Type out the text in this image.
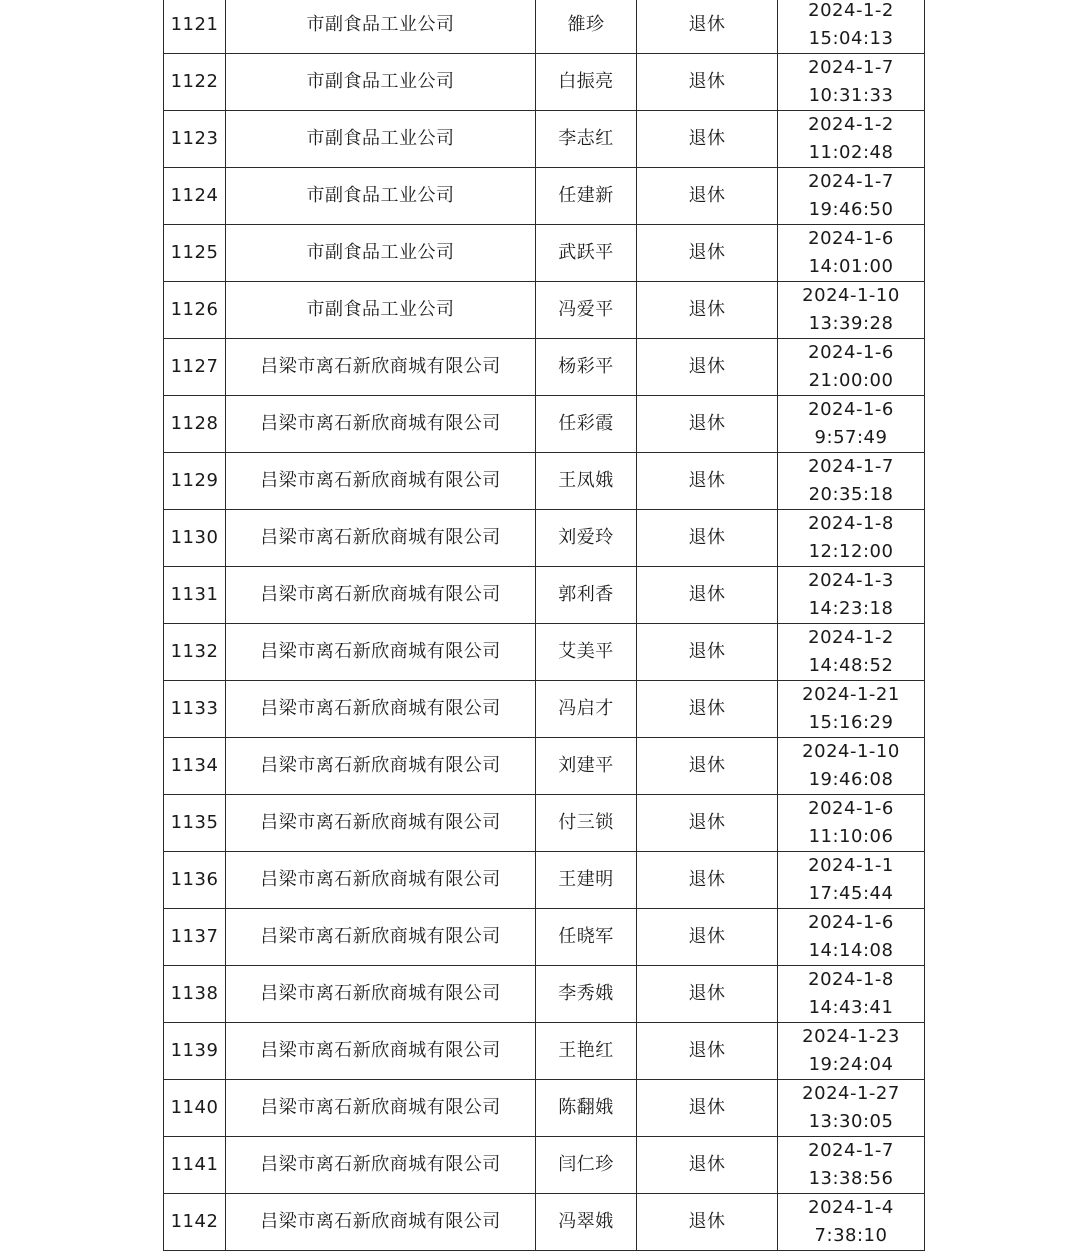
1121	市副食品工业公司	雒珍	退休	2024-1-2
15:04:13

1122	市副食品工业公司	白振亮	退休	2024-1-7
10:31:33

1123	市副食品工业公司	李志红	退休	2024-1-2
11:02:48

1124	市副食品工业公司	任建新	退休	2024-1-7
19:46:50

1125	市副食品工业公司	武跃平	退休	2024-1-6
14:01:00

1126	市副食品工业公司	冯爱平	退休	2024-1-10
13:39:28

1127	吕梁市离石新欣商城有限公司	杨彩平	退休	2024-1-6
21:00:00

1128	吕梁市离石新欣商城有限公司	任彩霞	退休	2024-1-6
9:57:49

1129	吕梁市离石新欣商城有限公司	王凤娥	退休	2024-1-7
20:35:18

1130	吕梁市离石新欣商城有限公司	刘爱玲	退休	2024-1-8
12:12:00

1131	吕梁市离石新欣商城有限公司	郭利香	退休	2024-1-3
14:23:18

1132	吕梁市离石新欣商城有限公司	艾美平	退休	2024-1-2
14:48:52

1133	吕梁市离石新欣商城有限公司	冯启才	退休	2024-1-21
15:16:29

1134	吕梁市离石新欣商城有限公司	刘建平	退休	2024-1-10
19:46:08

1135	吕梁市离石新欣商城有限公司	付三锁	退休	2024-1-6
11:10:06

1136	吕梁市离石新欣商城有限公司	王建明	退休	2024-1-1
17:45:44

1137	吕梁市离石新欣商城有限公司	任晓军	退休	2024-1-6
14:14:08

1138	吕梁市离石新欣商城有限公司	李秀娥	退休	2024-1-8
14:43:41

1139	吕梁市离石新欣商城有限公司	王艳红	退休	2024-1-23
19:24:04

1140	吕梁市离石新欣商城有限公司	陈翻娥	退休	2024-1-27
13:30:05

1141	吕梁市离石新欣商城有限公司	闫仁珍	退休	2024-1-7
13:38:56

1142	吕梁市离石新欣商城有限公司	冯翠娥	退休	2024-1-4
7:38:10
